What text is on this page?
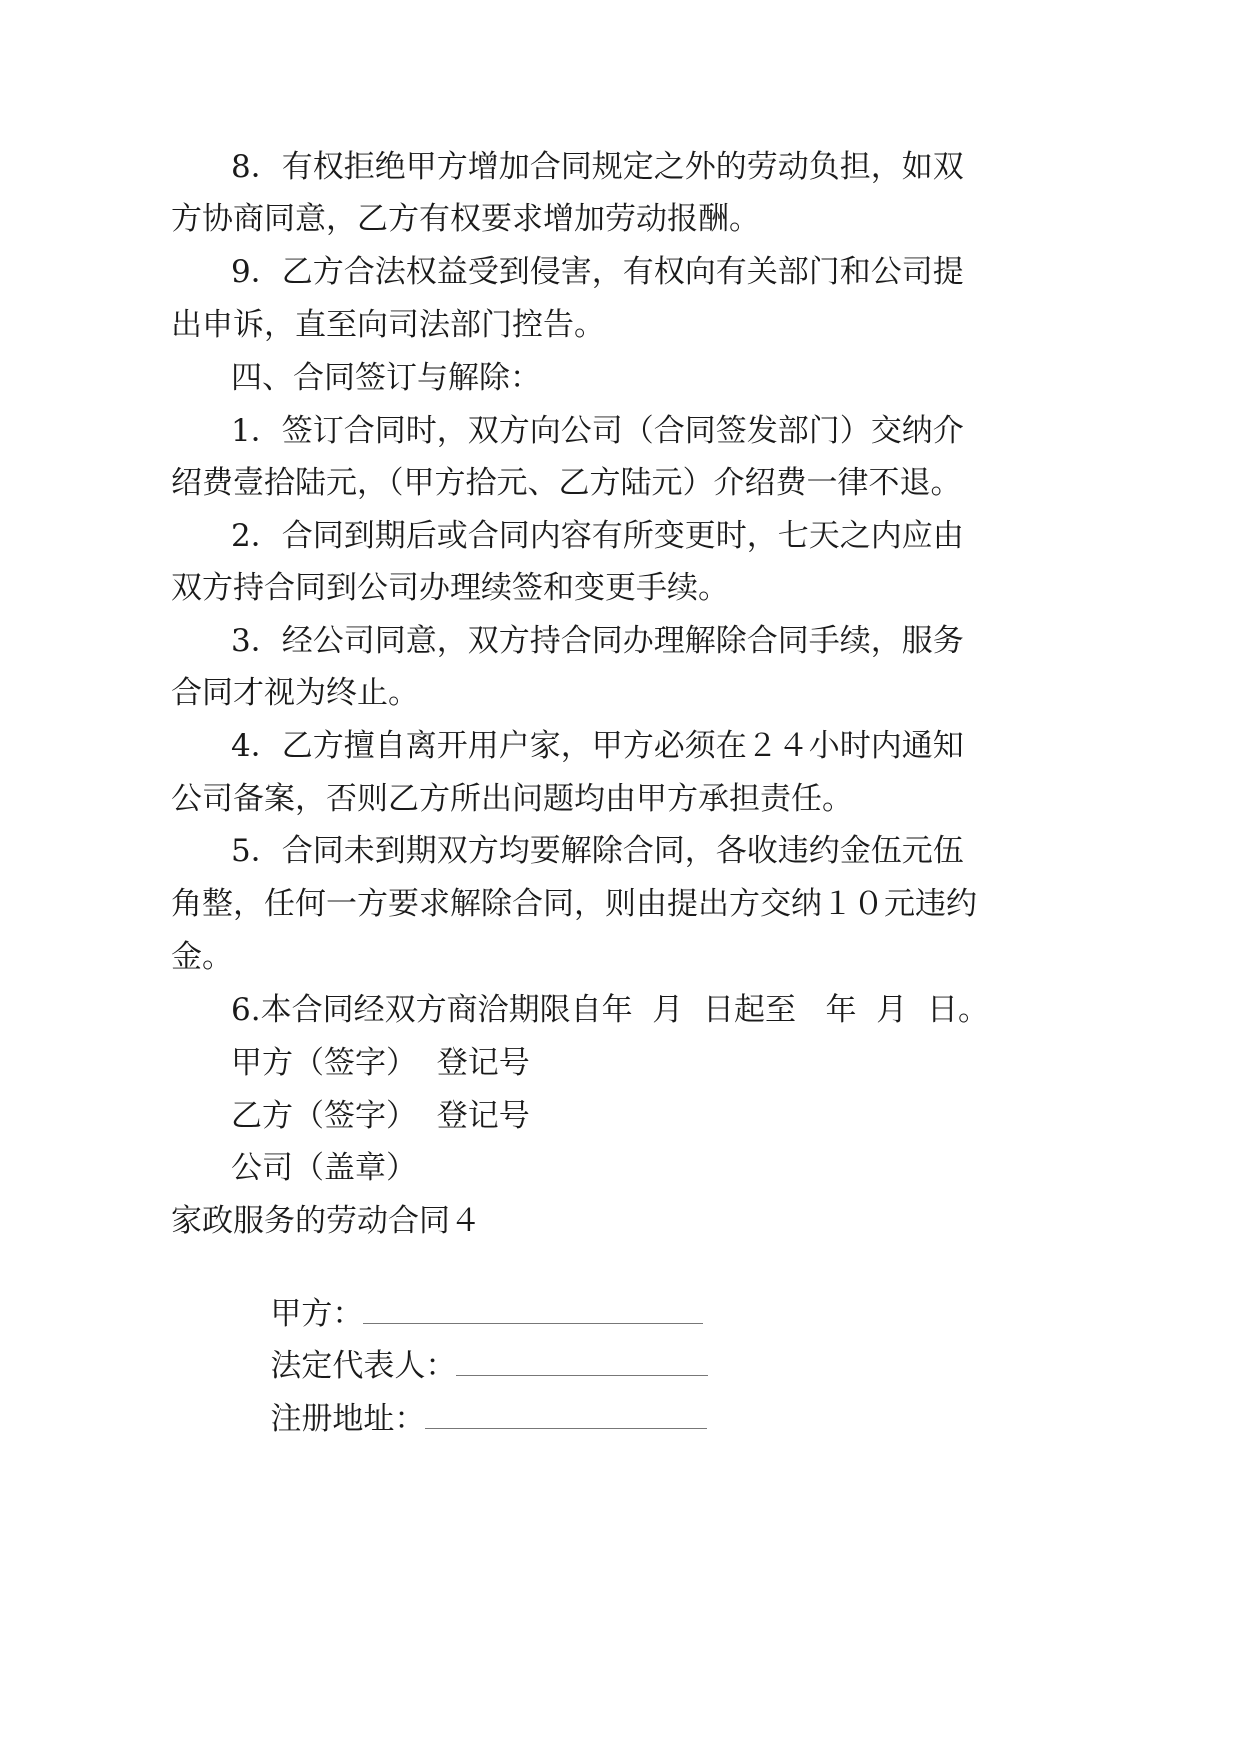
8．有权拒绝甲方增加合同规定之外的劳动负担，如双
方协商同意，乙方有权要求增加劳动报酬。
9．乙方合法权益受到侵害，有权向有关部门和公司提
出申诉，直至向司法部门控告。
四、合同签订与解除：
1．签订合同时，双方向公司（合同签发部门）交纳介
绍费壹拾陆元，（甲方拾元、乙方陆元）介绍费一律不退。
2．合同到期后或合同内容有所变更时，七天之内应由
双方持合同到公司办理续签和变更手续。
3．经公司同意，双方持合同办理解除合同手续，服务
合同才视为终止。
4．乙方擅自离开用户家，甲方必须在２４小时内通知
公司备案，否则乙方所出问题均由甲方承担责任。
5．合同未到期双方均要解除合同，各收违约金伍元伍
角整，任何一方要求解除合同，则由提出方交纳１０元违约
金。
6.本合同经双方商洽期限自年  月  日起至   年  月  日。
甲方（签字）  登记号
乙方（签字）  登记号
公司（盖章）
家政服务的劳动合同４

甲方：

法定代表人：

注册地址：
